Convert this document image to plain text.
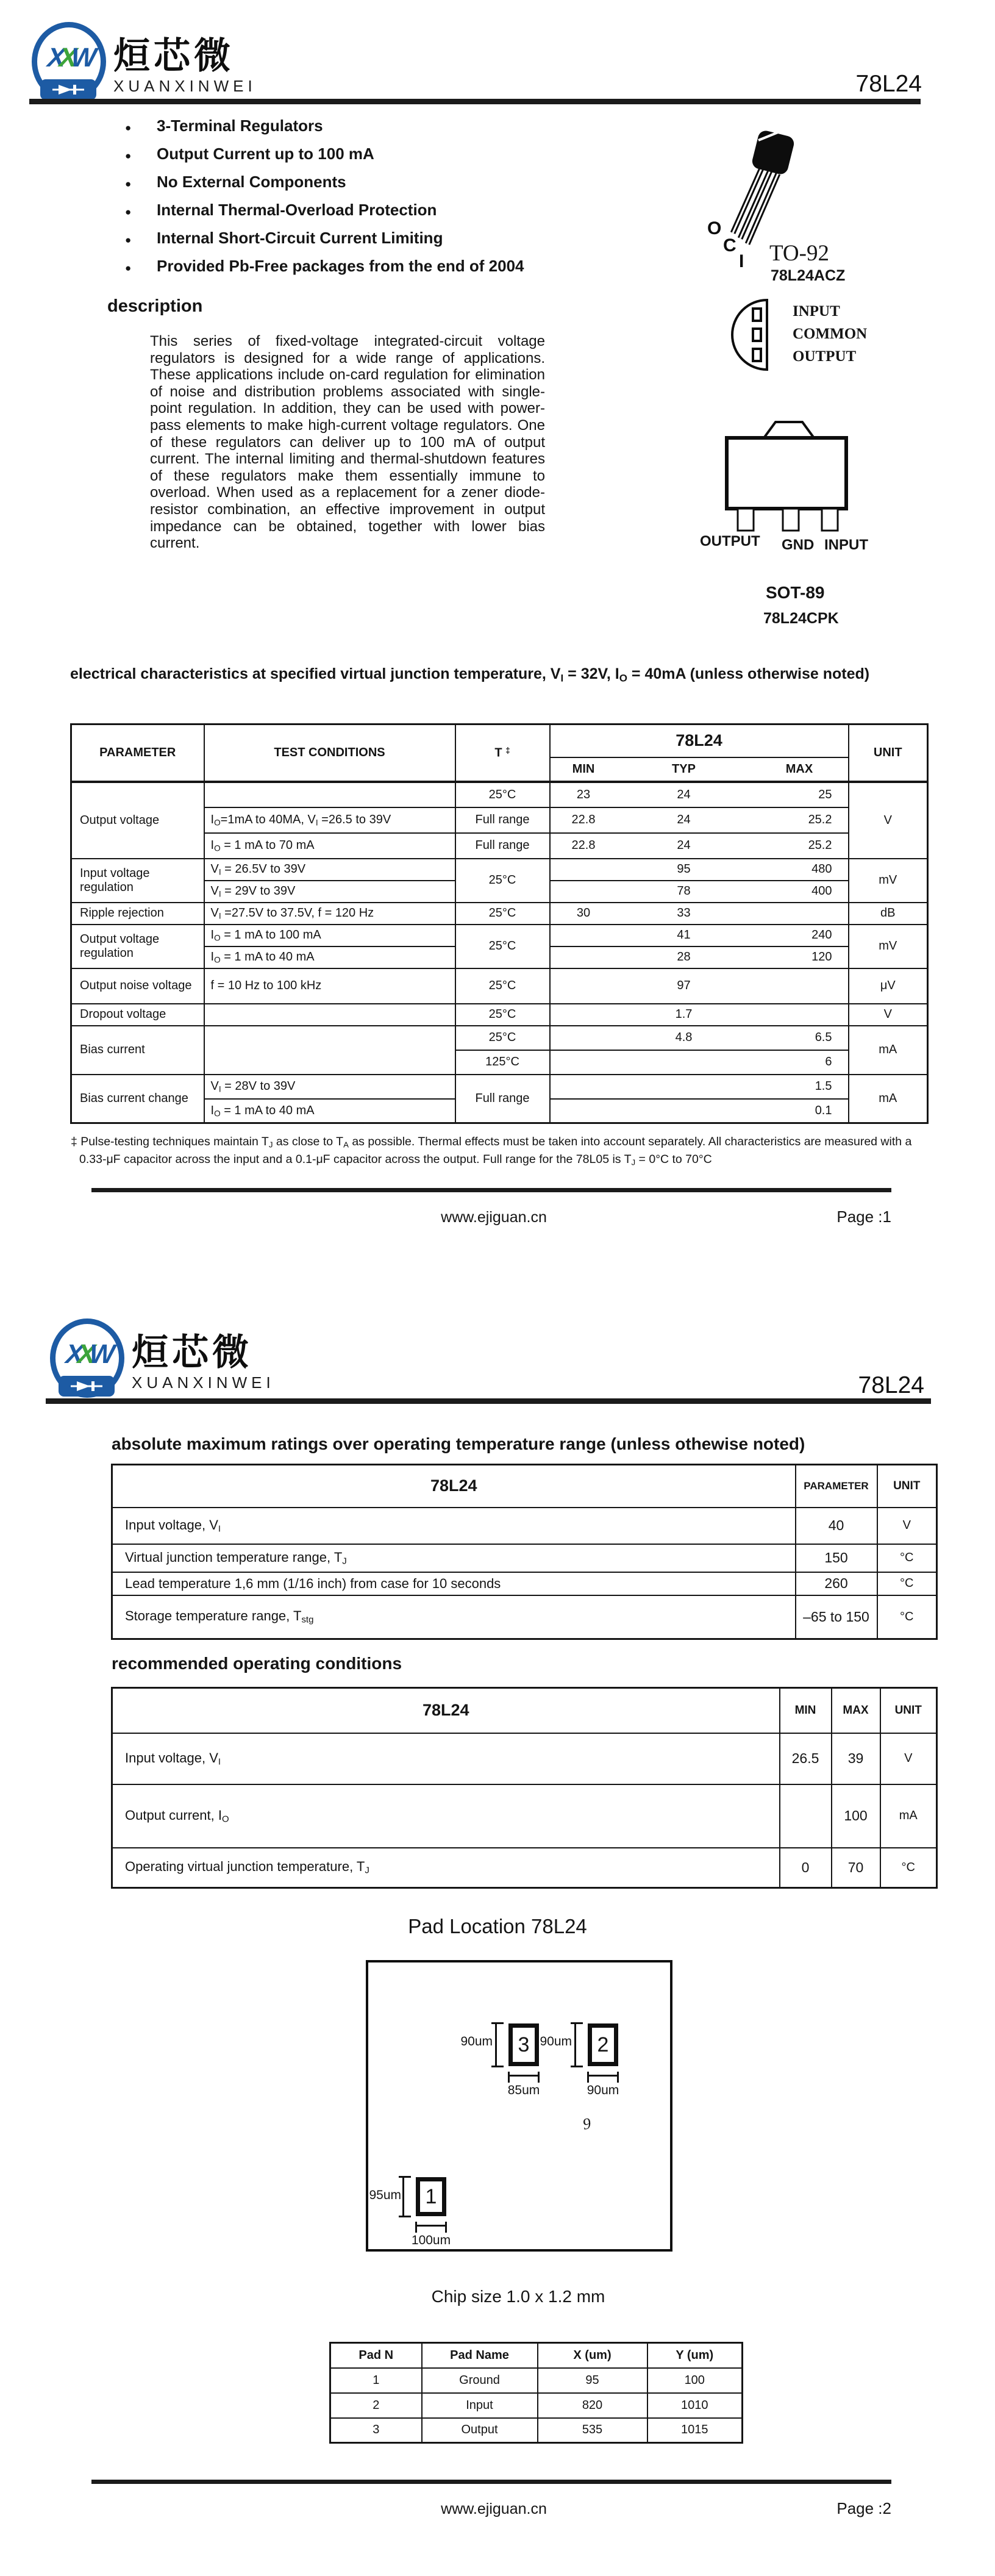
XXW 烜芯微
XUANXINWEI	78L24
● 3-Terminal Regulators
● Output Current up to 100 mA
● No External Components
● Internal Thermal-Overload Protection
● Internal Short-Circuit Current Limiting
● Provided Pb-Free packages from the end of 2004
description

This series of fixed-voltage integrated-circuit voltage regulators is designed for a wide range of applications. These applications include on-card regulation for elimination of noise and distribution problems associated with single-point regulation. In addition, they can be used with power-pass elements to make high-current voltage regulators. One of these regulators can deliver up to 100 mA of output current. The internal limiting and thermal-shutdown features of these regulators make them essentially immune to overload. When used as a replacement for a zener diode-resistor combination, an effective improvement in output impedance can be obtained, together with lower bias current.

O
C
I TO-92
78L24ACZ
INPUT
COMMON
OUTPUT
OUTPUT GND INPUT
SOT-89
78L24CPK
electrical characteristics at specified virtual junction temperature, $V_I = 32V$, $I_O = 40mA$ (unless otherwise noted)
PARAMETER	TEST CONDITIONS	T ‡	78L24			UNIT
			MIN	TYP	MAX	
Output voltage		25°C	23	24	25	V
	$I_O=1mA$ to 40MA, $V_I =26.5$ to 39V	Full range	22.8	24	25.2	
	$I_O = 1$ mA to 70 mA	Full range	22.8	24	25.2	
Input voltage regulation	$V_I = 26.5V$ to 39V	25°C		95	480	mV
	$V_I = 29V$ to 39V			78	400	
Ripple rejection	$V_I =27.5V$ to 37.5V, f = 120 Hz	25°C	30	33		dB
Output voltage regulation	$I_O = 1$ mA to 100 mA	25°C		41	240	mV
	$I_O = 1$ mA to 40 mA			28	120	
Output noise voltage	f = 10 Hz to 100 kHz	25°C		97		μV
Dropout voltage		25°C		1.7		V
Bias current		25°C		4.8	6.5	mA
		125°C			6	
Bias current change	$V_I = 28V$ to 39V	Full range			1.5	mA
	$I_O = 1$ mA to 40 mA				0.1	

‡ Pulse-testing techniques maintain $T_J$ as close to $T_A$ as possible. Thermal effects must be taken into account separately. All characteristics are measured with a 0.33-μF capacitor across the input and a 0.1-μF capacitor across the output. Full range for the 78L05 is $T_J = 0^\circ C$ to 70°C

www.ejiguan.cn	Page :1
XXW 烜芯微
XUANXINWEI	78L24
absolute maximum ratings over operating temperature range (unless othewise noted)
78L24	PARAMETER	UNIT
Input voltage, $V_I$	40	V
Virtual junction temperature range, $T_J$	150	°C
Lead temperature 1,6 mm (1/16 inch) from case for 10 seconds	260	°C
Storage temperature range, $T_{stg}$	–65 to 150	°C
recommended operating conditions
78L24	MIN	MAX	UNIT
Input voltage, $V_I$	26.5	39	V
Output current, $I_O$		100	mA
Operating virtual junction temperature, $T_J$	0	70	°C
Pad Location 78L24
9
3
90um
85um
2
90um
90um
1
95um
100um
Chip size 1.0 x 1.2 mm
Pad N	Pad Name	X (um)	Y (um)
1	Ground	95	100
2	Input	820	1010
3	Output	535	1015
www.ejiguan.cn	Page :2
